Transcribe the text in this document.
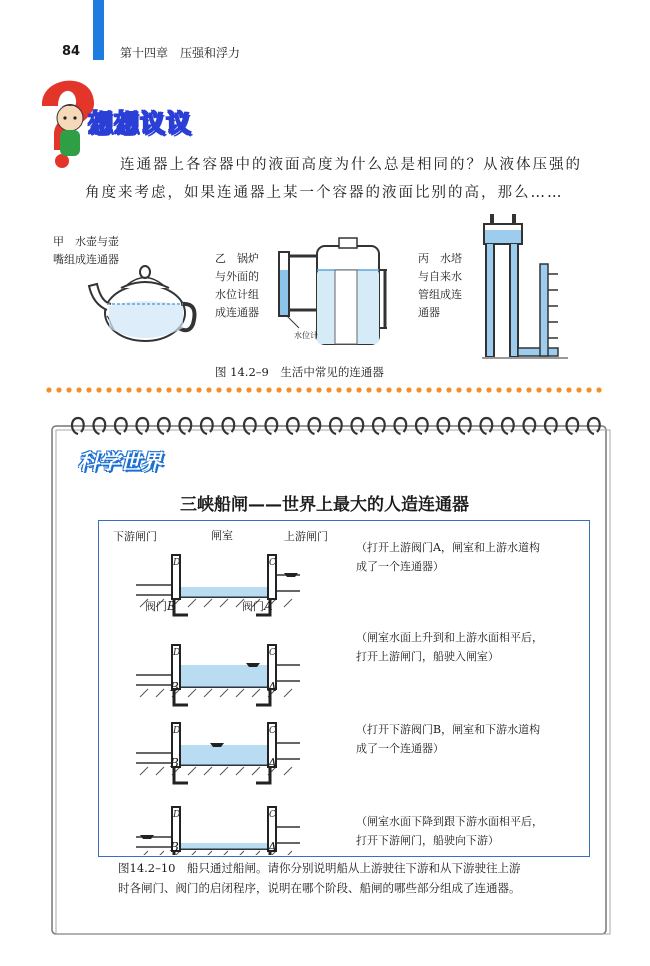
84	第十四章　压强和浮力
想想议议
连通器上各容器中的液面高度为什么总是相同的？从液体压强的
角度来考虑，如果连通器上某一个容器的液面比别的高，那么……
甲　水壶与壶
嘴组成连通器	乙　锅炉
与外面的
水位计组
成连通器
丙　水塔
与自来水
管组成连
通器
水位计
图 14.2–9　生活中常见的连通器
科学世界
三峡船闸——世界上最大的人造连通器
D	C
D	C
D	C
D	C
下游闸门	闸室	上游闸门
阀门B	阀门A
B	A
B	A
B	A
（打开上游阀门A，闸室和上游水道构
成了一个连通器）
（闸室水面上升到和上游水面相平后，
打开上游闸门，船驶入闸室）
（打开下游阀门B，闸室和下游水道构
成了一个连通器）
（闸室水面下降到跟下游水面相平后，
打开下游闸门，船驶向下游）
图14.2–10　船只通过船闸。请你分别说明船从上游驶往下游和从下游驶往上游
时各闸门、阀门的启闭程序，说明在哪个阶段、船闸的哪些部分组成了连通器。
